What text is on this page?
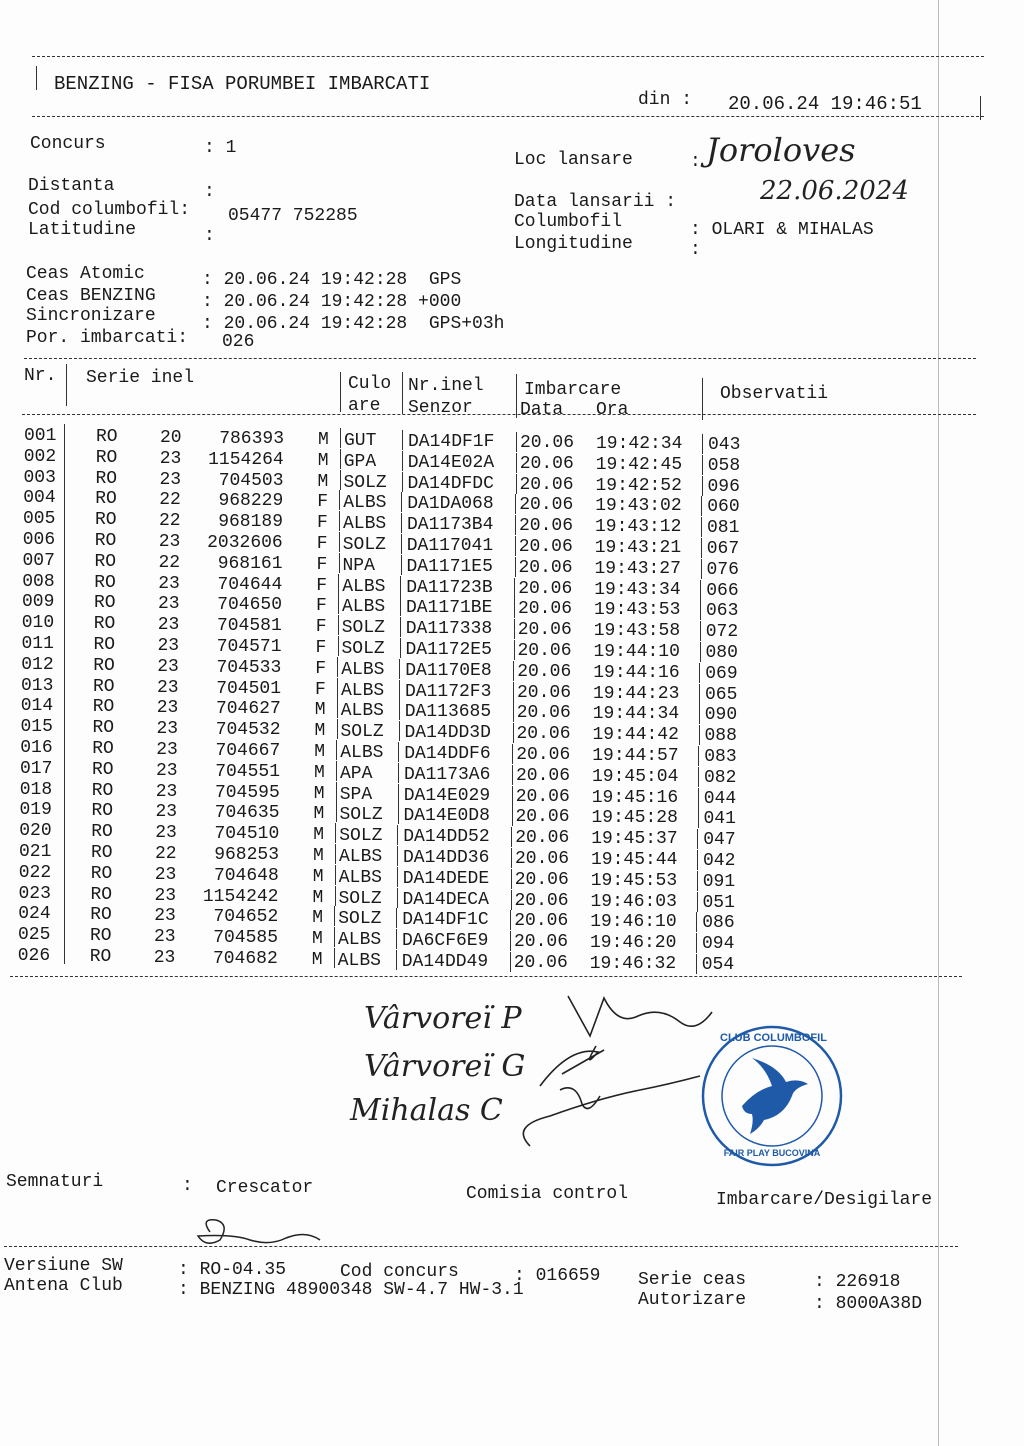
BENZING - FISA PORUMBEI IMBARCATI
din : 20.06.24 19:46:51
Concurs	: 1
Loc lansare	: Joroloves
Distanta	:
Cod columbofil: 05477 752285
Latitudine	:
Data lansarii :	22.06.2024
Columbofil	: OLARI & MIHALAS
Longitudine	:
Ceas Atomic	: 20.06.24 19:42:28  GPS
Ceas BENZING	: 20.06.24 19:42:28 +000
Sincronizare	: 20.06.24 19:42:28  GPS+03h
Por. imbarcati: 026
Nr. Serie inel	Culo
are
Nr.inel
Senzor
Imbarcare
Data Ora
Observatii
001 RO 20	786393 M GUT DA14DF1F 20.06 19:42:34 043
002 RO 23	1154264 M GPA DA14E02A 20.06 19:42:45 058
003 RO 23	704503 M SOLZ DA14DFDC 20.06 19:42:52 096
004 RO 22	968229 F ALBS DA1DA068 20.06 19:43:02 060
005 RO 22	968189 F ALBS DA1173B4 20.06 19:43:12 081
006 RO 23	2032606 F SOLZ DA117041 20.06 19:43:21 067
007 RO 22	968161 F NPA DA1171E5 20.06 19:43:27 076
008 RO 23	704644 F ALBS DA11723B 20.06 19:43:34 066
009 RO 23	704650 F ALBS DA1171BE 20.06 19:43:53 063
010 RO 23	704581 F SOLZ DA117338 20.06 19:43:58 072
011 RO 23	704571 F SOLZ DA1172E5 20.06 19:44:10 080
012 RO 23	704533 F ALBS DA1170E8 20.06 19:44:16 069
013 RO 23	704501 F ALBS DA1172F3 20.06 19:44:23 065
014 RO 23	704627 M ALBS DA113685 20.06 19:44:34 090
015 RO 23	704532 M SOLZ DA14DD3D 20.06 19:44:42 088
016 RO 23	704667 M ALBS DA14DDF6 20.06 19:44:57 083
017 RO 23	704551 M APA DA1173A6 20.06 19:45:04 082
018 RO 23	704595 M SPA DA14E029 20.06 19:45:16 044
019 RO 23	704635 M SOLZ DA14E0D8 20.06 19:45:28 041
020 RO 23	704510 M SOLZ DA14DD52 20.06 19:45:37 047
021 RO 22	968253 M ALBS DA14DD36 20.06 19:45:44 042
022 RO 23	704648 M ALBS DA14DEDE 20.06 19:45:53 091
023 RO 23	1154242 M SOLZ DA14DECA 20.06 19:46:03 051
024 RO 23	704652 M SOLZ DA14DF1C 20.06 19:46:10 086
025 RO 23	704585 M ALBS DA6CF6E9 20.06 19:46:20 094
026 RO 23	704682 M ALBS DA14DD49 20.06 19:46:32 054
Vârvoreï P
Vârvoreï G
Mihalas C
CLUB COLUMBOFIL
FAIR PLAY BUCOVINA
Semnaturi	: Crescator	Comisia control	Imbarcare/Desigilare
Versiune SW	: RO-04.35
Antena Club	: BENZING 48900348 SW-4.7 HW-3.1
Cod concurs	: 016659 Serie ceas	: 226918
Autorizare	: 8000A38D
